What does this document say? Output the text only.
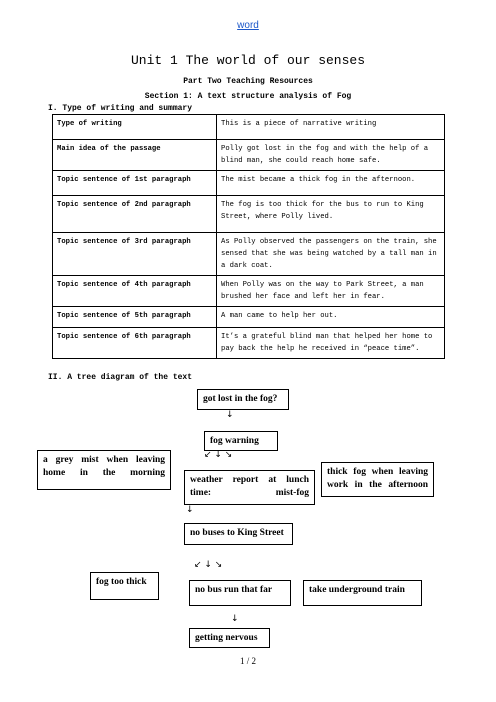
word
Unit 1 The world of our senses
Part Two Teaching Resources
Section 1: A text structure analysis of Fog
I. Type of writing and summary
Type of writing	This is a piece of narrative writing
Main idea of the passage	Polly got lost in the fog and with the help of a blind man, she could reach home safe.
Topic sentence of 1st paragraph	The mist became a thick fog in the afternoon.
Topic sentence of 2nd paragraph	The fog is too thick for the bus to run to King Street, where Polly lived.
Topic sentence of 3rd paragraph	As Polly observed the passengers on the train, she sensed that she was being watched by a tall man in a dark coat.
Topic sentence of 4th paragraph	When Polly was on the way to Park Street, a man brushed her face and left her in fear.
Topic sentence of 5th paragraph	A man came to help her out.
Topic sentence of 6th paragraph	It’s a grateful blind man that helped her home to pay back the help he received in “peace time”.
II. A tree diagram of the text
got lost in the fog?
↓
fog warning
↙ ↓ ↘
a grey mist when leaving home in the morning
weather report at lunch time: mist-fog
thick fog when leaving work in the afternoon
↓
no buses to King Street
↙ ↓ ↘
fog too thick
no bus run that far	take underground train
↓
getting nervous
1 / 2
